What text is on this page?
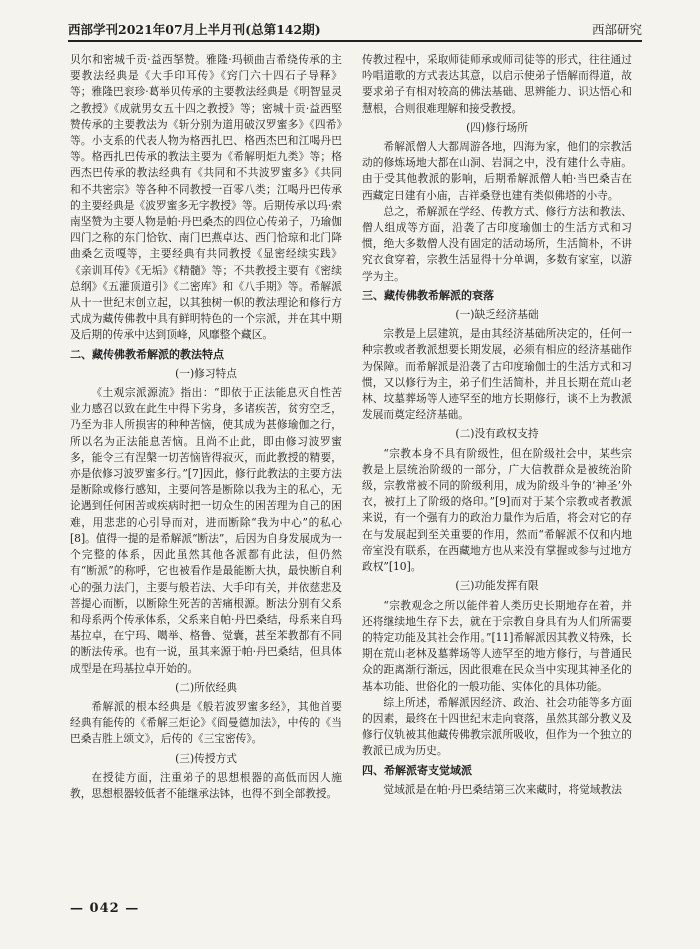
西部学刊2021年07月上半月刊(总第142期)	西部研究

贝尔和密城千贡·益西拏赞。雅隆·玛顿曲吉希绕传承的主要教法经典是《大手印耳传》《窍门六十四石子导释》等；雅隆巴衮珍·葛举贝传承的主要教法经典是《明智显灵之教授》《成就男女五十四之教授》等；密城十贡·益西堅赞传承的主要教法为《斩分别为道用破汉罗蜜多》《四希》等。小支系的代表人物为格西扎巴、格西杰巴和江喝丹巴等。格西扎巴传承的教法主要为《希解明炬九类》等；格西杰巴传承的教法经典有《共同和不共波罗蜜多》《共同和不共密宗》等各种不同教授一百零八类；江喝丹巴传承的主要经典是《波罗蜜多无字教授》等。后期传承以玛·索南坚赞为主要人物是帕·丹巴桑杰的四位心传弟子，乃瑜伽四门之称的东门恰钦、南门巴燕卓达、西门恰琼和北门降曲桑乞贡嘎等，主要经典有共同教授《显密经续实践》《亲训耳传》《无垢》《精髓》等；不共教授主要有《密续总纲》《五灌顶道引》《二密库》和《八手期》等。希解派从十一世纪末创立起，以其独树一帜的教法理论和修行方式成为藏传佛教中具有鲜明特色的一个宗派，并在其中期及后期的传承中达到顶峰，风靡整个藏区。

二、藏传佛教希解派的教法特点
(一)修习特点

《土观宗派源流》指出：“即依于正法能息灭自性苦业力感召以致在此生中得下劣身，多诸疾苦，贫穷空乏，乃至为非人所损害的种种苦恼，使其成为甚修瑜伽之行，所以名为正法能息苦恼。且尚不止此，即由修习波罗蜜多，能令三有涅槃一切苦恼皆得寂灭，而此教授的精要，亦是依修习波罗蜜多行。”[7]因此，修行此教法的主要方法是断除或修行感知，主要问答是断除以我为主的私心，无论遇到任何困苦或疾病时把一切众生的困苦理为自己的困难，用悲悲的心引导而对，进而断除“我为中心”的私心[8]。值得一提的是希解派“断法”，后因为自身发展成为一个完整的体系，因此虽然其他各派都有此法，但仍然有“断派”的称呼，它也被看作是最能断大执，最快断自利心的强力法门，主要与般若法、大手印有关，并依慈悲及菩提心而断，以断除生死苦的苦痛根源。断法分别有父系和母系两个传承体系，父系来自帕·丹巴桑结，母系来自玛基拉卓，在宁玛、噶举、格鲁、觉囊，甚至苯教都有不同的断法传承。也有一说，虽其来源于帕·丹巴桑结，但具体成型是在玛基拉卓开始的。

(二)所依经典

希解派的根本经典是《般若波罗蜜多经》，其他首要经典有能传的《希解三炬论》《阎曼德加法》，中传的《当巴桑吉胜上颂文》，后传的《三宝密传》。

(三)传授方式

在授徒方面，注重弟子的思想根器的高低而因人施教，思想根器较低者不能继承法钵，也得不到全部教授。

传教过程中，采取师徒师承或师司徒等的形式，往往通过吟唱道歌的方式表达其意，以启示使弟子悟解而得道，故要求弟子有相对较高的佛法基础、思辨能力、识达悟心和慧根，合则很难理解和接受教授。

(四)修行场所

希解派僧人大都周游各地，四海为家，他们的宗教活动的修炼场地大都在山洞、岩洞之中，没有建什么寺庙。由于受其他教派的影响，后期希解派僧人帕·当巴桑吉在西藏定日建有小庙，吉祥桑登也建有类似佛塔的小寺。

总之，希解派在学经、传教方式、修行方法和教法、僧人组成等方面，沿袭了古印度瑜伽士的生活方式和习惯，绝大多数僧人没有固定的活动场所，生活简朴，不讲究衣食穿着，宗教生活显得十分单调，多数有家室，以游学为主。

三、藏传佛教希解派的衰落
(一)缺乏经济基础

宗教是上层建筑，是由其经济基础所决定的，任何一种宗教或者教派想要长期发展，必须有相应的经济基础作为保障。而希解派是沿袭了古印度瑜伽士的生活方式和习惯，又以修行为主，弟子们生活简朴，并且长期在荒山老林、坟墓葬场等人迹罕至的地方长期修行，谈不上为教派发展而奠定经济基础。

(二)没有政权支持

“宗教本身不具有阶级性，但在阶级社会中，某些宗教是上层统治阶级的一部分，广大信教群众是被统治阶级，宗教常被不同的阶级利用，成为阶级斗争的‘神圣’外衣，被打上了阶级的烙印。”[9]而对于某个宗教或者教派来说，有一个强有力的政治力量作为后盾，将会对它的存在与发展起到至关重要的作用，然而“希解派不仅和内地帝室没有联系，在西藏地方也从来没有掌握或参与过地方政权”[10]。

(三)功能发挥有限

“宗教观念之所以能伴着人类历史长期地存在着，并还将继续地生存下去，就在于宗教自身具有为人们所需要的特定功能及其社会作用。”[11]希解派因其教义特殊，长期在荒山老林及墓葬场等人迹罕至的地方修行，与普通民众的距离渐行渐远，因此很难在民众当中实现其神圣化的基本功能、世俗化的一般功能、实体化的具体功能。

综上所述，希解派因经济、政治、社会功能等多方面的因素，最终在十四世纪末走向衰落，虽然其部分教义及修行仪轨被其他藏传佛教宗派所吸收，但作为一个独立的教派已成为历史。

四、希解派寄支觉域派

觉域派是在帕·丹巴桑结第三次来藏时，将觉域教法

— 042 —
